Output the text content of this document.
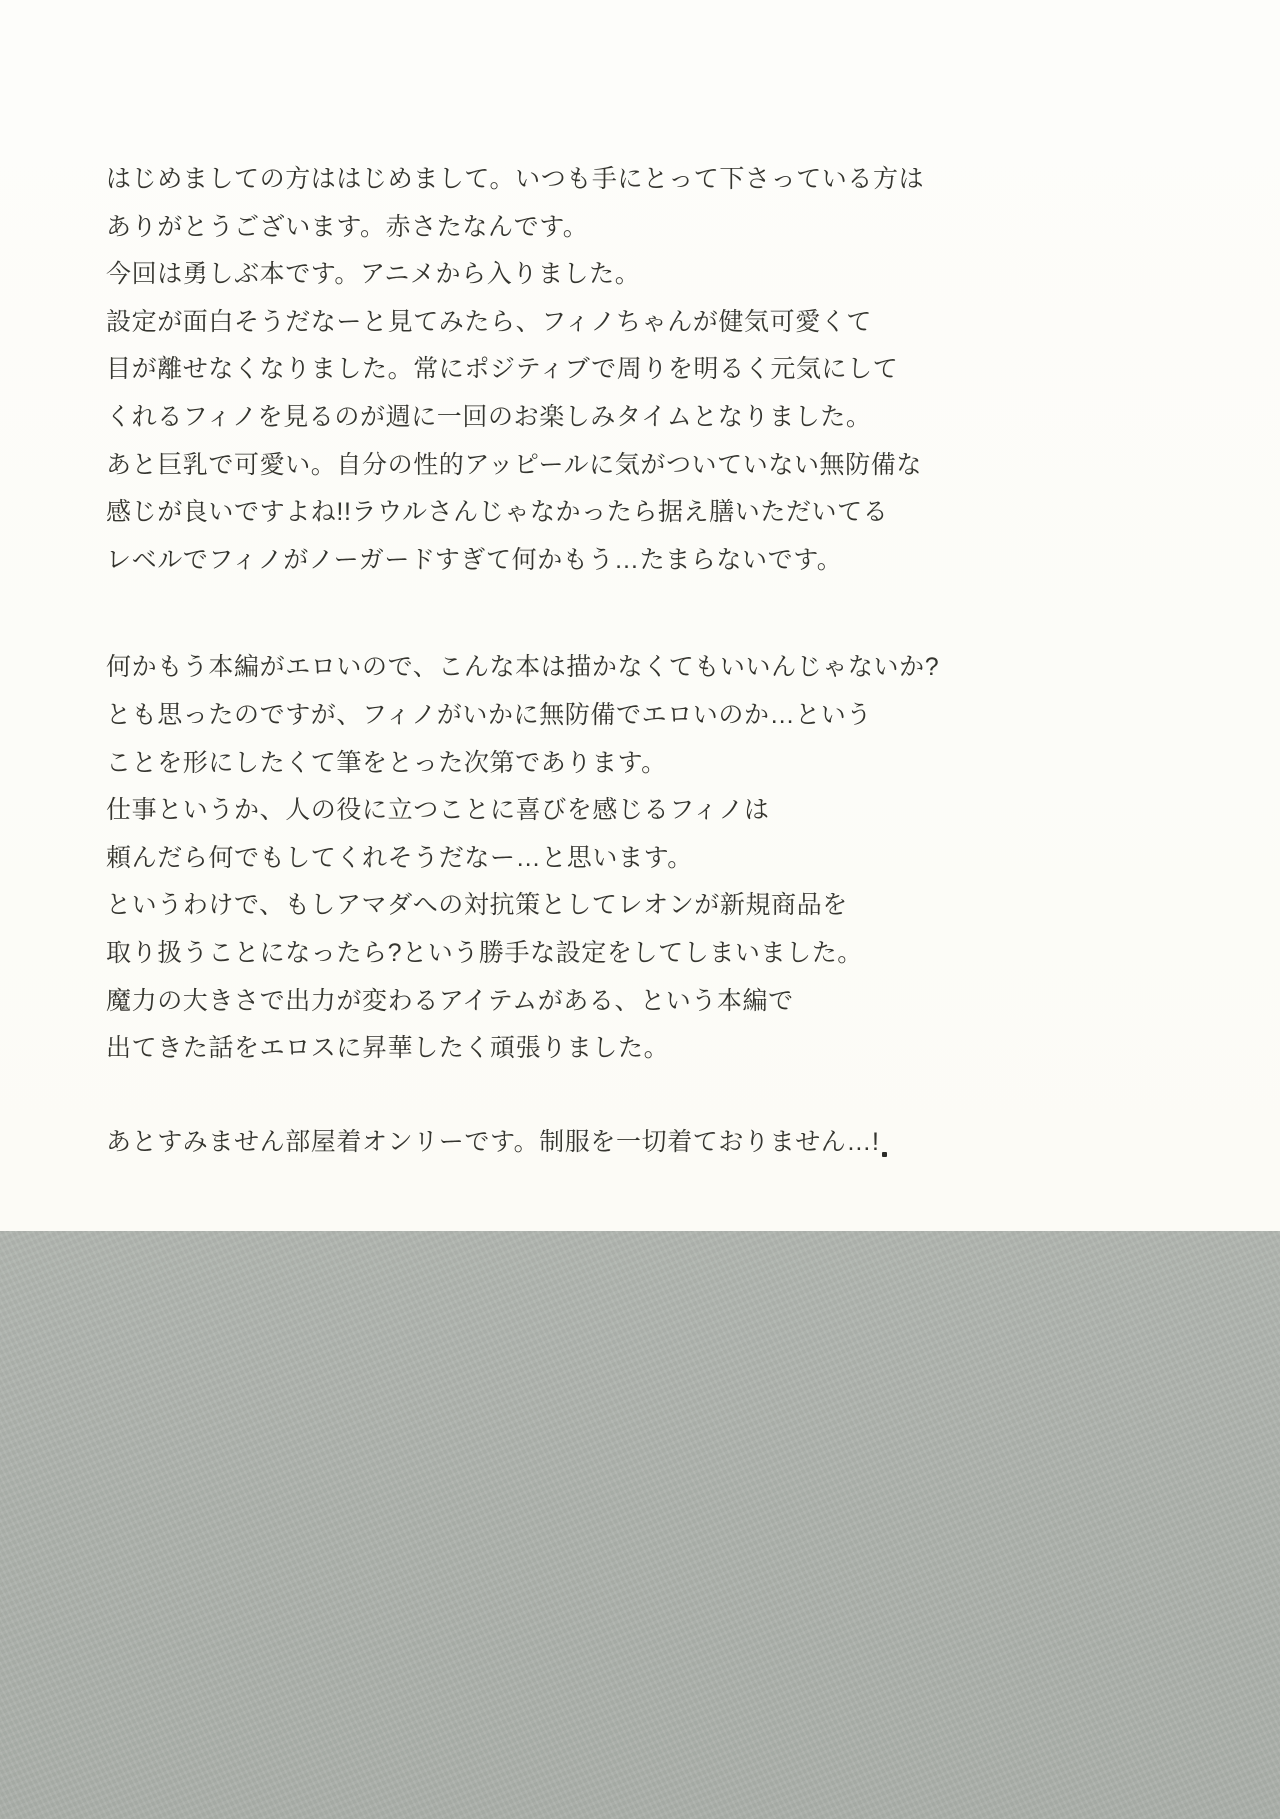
はじめましての方ははじめまして。いつも手にとって下さっている方は
ありがとうございます。赤さたなんです。
今回は勇しぶ本です。アニメから入りました。
設定が面白そうだなーと見てみたら、フィノちゃんが健気可愛くて
目が離せなくなりました。常にポジティブで周りを明るく元気にして
くれるフィノを見るのが週に一回のお楽しみタイムとなりました。
あと巨乳で可愛い。自分の性的アッピールに気がついていない無防備な
感じが良いですよね!!ラウルさんじゃなかったら据え膳いただいてる
レベルでフィノがノーガードすぎて何かもう…たまらないです。

何かもう本編がエロいので、こんな本は描かなくてもいいんじゃないか?
とも思ったのですが、フィノがいかに無防備でエロいのか…という
ことを形にしたくて筆をとった次第であります。
仕事というか、人の役に立つことに喜びを感じるフィノは
頼んだら何でもしてくれそうだなー…と思います。
というわけで、もしアマダへの対抗策としてレオンが新規商品を
取り扱うことになったら?という勝手な設定をしてしまいました。
魔力の大きさで出力が変わるアイテムがある、という本編で
出てきた話をエロスに昇華したく頑張りました。

あとすみません部屋着オンリーです。制服を一切着ておりません…!
